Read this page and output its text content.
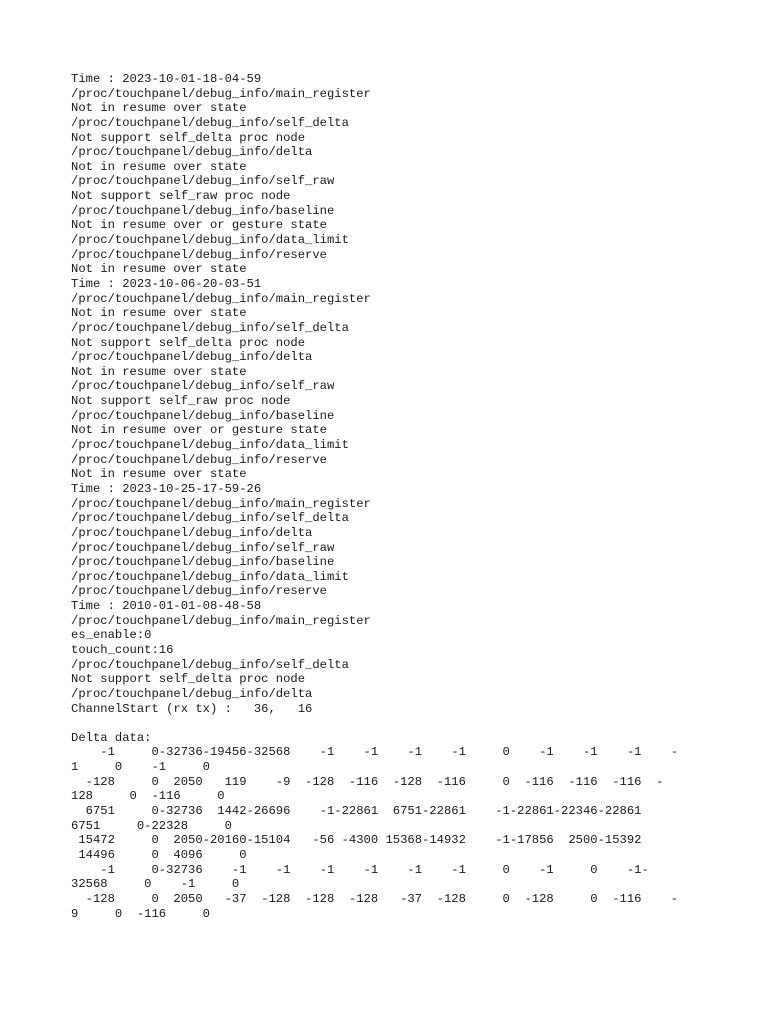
Time : 2023-10-01-18-04-59
/proc/touchpanel/debug_info/main_register
Not in resume over state
/proc/touchpanel/debug_info/self_delta
Not support self_delta proc node
/proc/touchpanel/debug_info/delta
Not in resume over state
/proc/touchpanel/debug_info/self_raw
Not support self_raw proc node
/proc/touchpanel/debug_info/baseline
Not in resume over or gesture state
/proc/touchpanel/debug_info/data_limit
/proc/touchpanel/debug_info/reserve
Not in resume over state
Time : 2023-10-06-20-03-51
/proc/touchpanel/debug_info/main_register
Not in resume over state
/proc/touchpanel/debug_info/self_delta
Not support self_delta proc node
/proc/touchpanel/debug_info/delta
Not in resume over state
/proc/touchpanel/debug_info/self_raw
Not support self_raw proc node
/proc/touchpanel/debug_info/baseline
Not in resume over or gesture state
/proc/touchpanel/debug_info/data_limit
/proc/touchpanel/debug_info/reserve
Not in resume over state
Time : 2023-10-25-17-59-26
/proc/touchpanel/debug_info/main_register
/proc/touchpanel/debug_info/self_delta
/proc/touchpanel/debug_info/delta
/proc/touchpanel/debug_info/self_raw
/proc/touchpanel/debug_info/baseline
/proc/touchpanel/debug_info/data_limit
/proc/touchpanel/debug_info/reserve
Time : 2010-01-01-08-48-58
/proc/touchpanel/debug_info/main_register
es_enable:0
touch_count:16
/proc/touchpanel/debug_info/self_delta
Not support self_delta proc node
/proc/touchpanel/debug_info/delta
ChannelStart (rx tx) :   36,   16
Delta data:
-1     0-32736-19456-32568    -1    -1    -1    -1     0    -1    -1    -1    -
1     0    -1     0
-128     0  2050   119    -9  -128  -116  -128  -116     0  -116  -116  -116  -
128     0  -116     0
6751     0-32736  1442-26696    -1-22861  6751-22861    -1-22861-22346-22861
6751     0-22328     0
15472     0  2050-20160-15104   -56 -4300 15368-14932    -1-17856  2500-15392
14496     0  4096     0
-1     0-32736    -1    -1    -1    -1    -1    -1     0    -1     0    -1-
32568     0    -1     0
-128     0  2050   -37  -128  -128  -128   -37  -128     0  -128     0  -116    -
9     0  -116     0
